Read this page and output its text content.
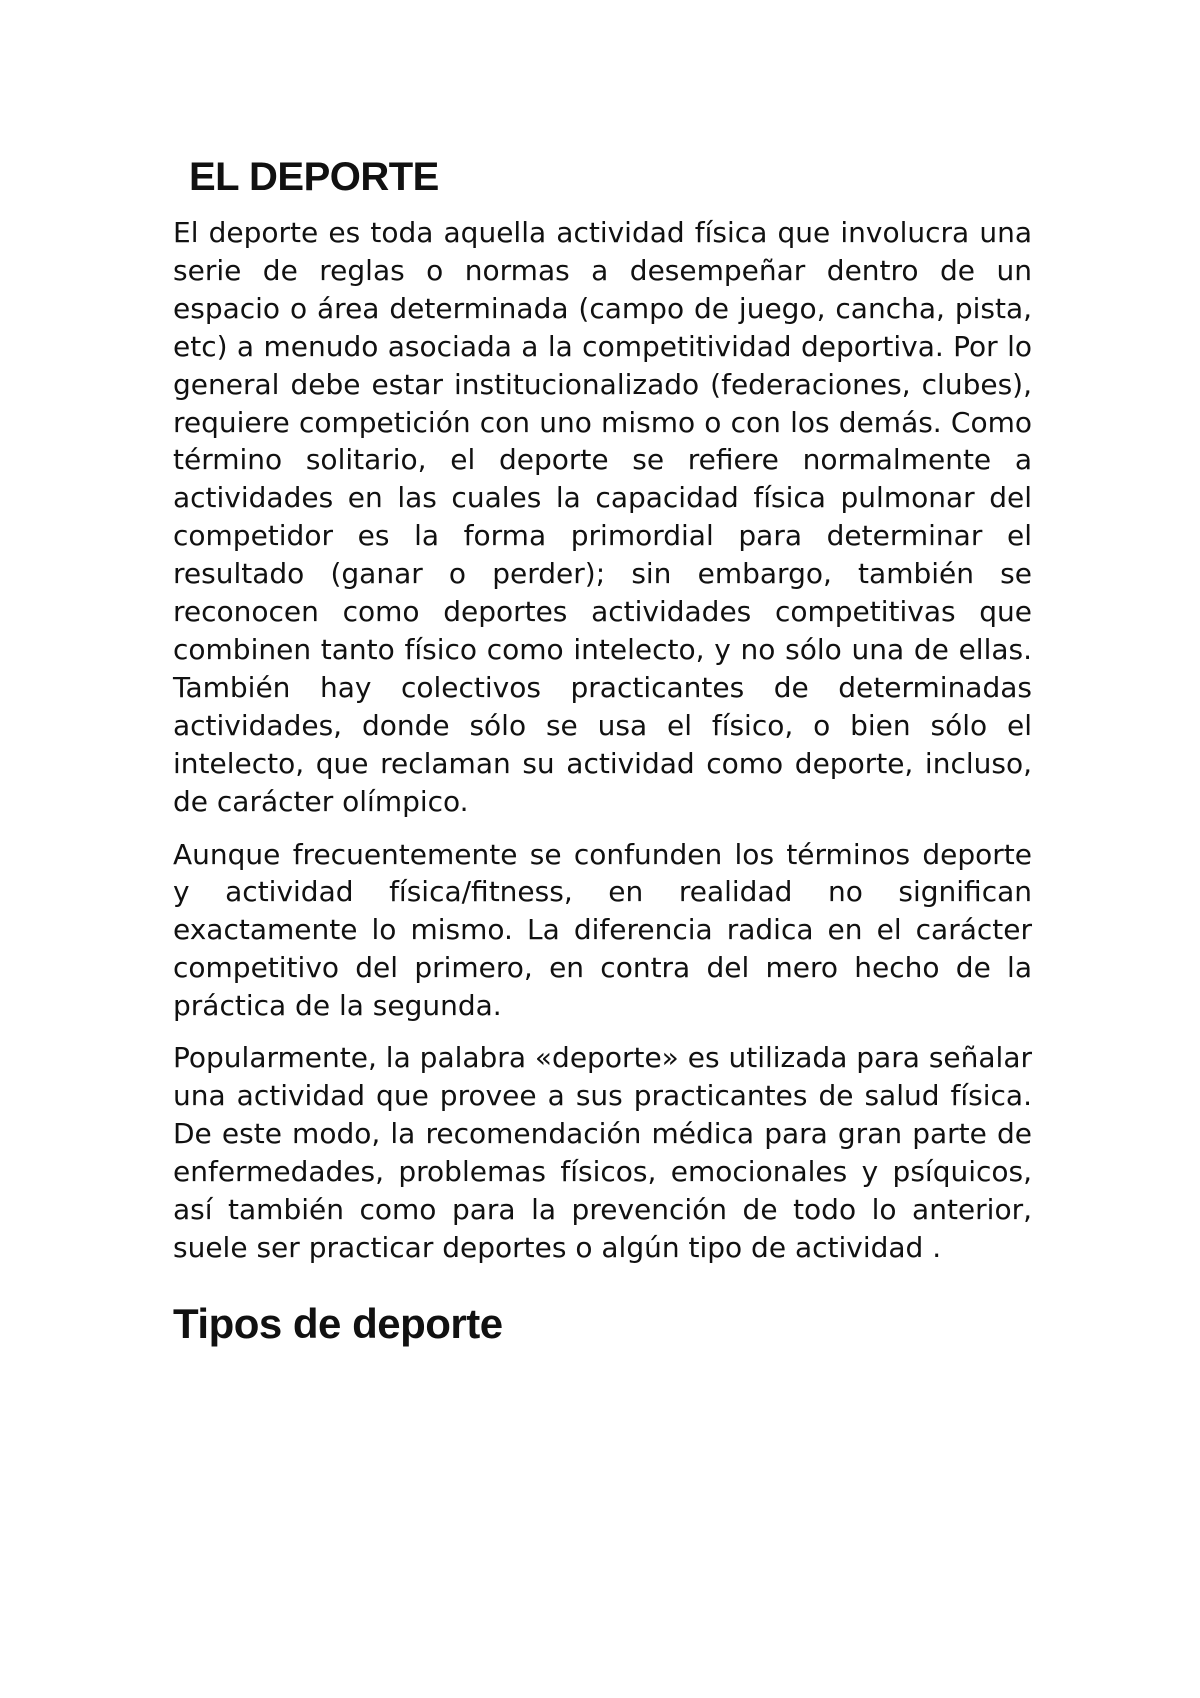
EL DEPORTE

El deporte es toda aquella actividad física que involucra una serie de reglas o normas a desempeñar dentro de un espacio o área determinada (campo de juego, cancha, pista, etc) a menudo asociada a la competitividad deportiva. Por lo general debe estar institucionalizado (federaciones, clubes), requiere competición con uno mismo o con los demás. Como término solitario, el deporte se refiere normalmente a actividades en las cuales la capacidad física pulmonar del competidor es la forma primordial para determinar el resultado (ganar o perder); sin embargo, también se reconocen como deportes actividades competitivas que combinen tanto físico como intelecto, y no sólo una de ellas. También hay colectivos practicantes de determinadas actividades, donde sólo se usa el físico, o bien sólo el intelecto, que reclaman su actividad como deporte, incluso, de carácter olímpico.

Aunque frecuentemente se confunden los términos deporte y actividad física/fitness, en realidad no significan exactamente lo mismo. La diferencia radica en el carácter competitivo del primero, en contra del mero hecho de la práctica de la segunda.

Popularmente, la palabra «deporte» es utilizada para señalar una actividad que provee a sus practicantes de salud física. De este modo, la recomendación médica para gran parte de enfermedades, problemas físicos, emocionales y psíquicos, así también como para la prevención de todo lo anterior, suele ser practicar deportes o algún tipo de actividad .

Tipos de deporte
